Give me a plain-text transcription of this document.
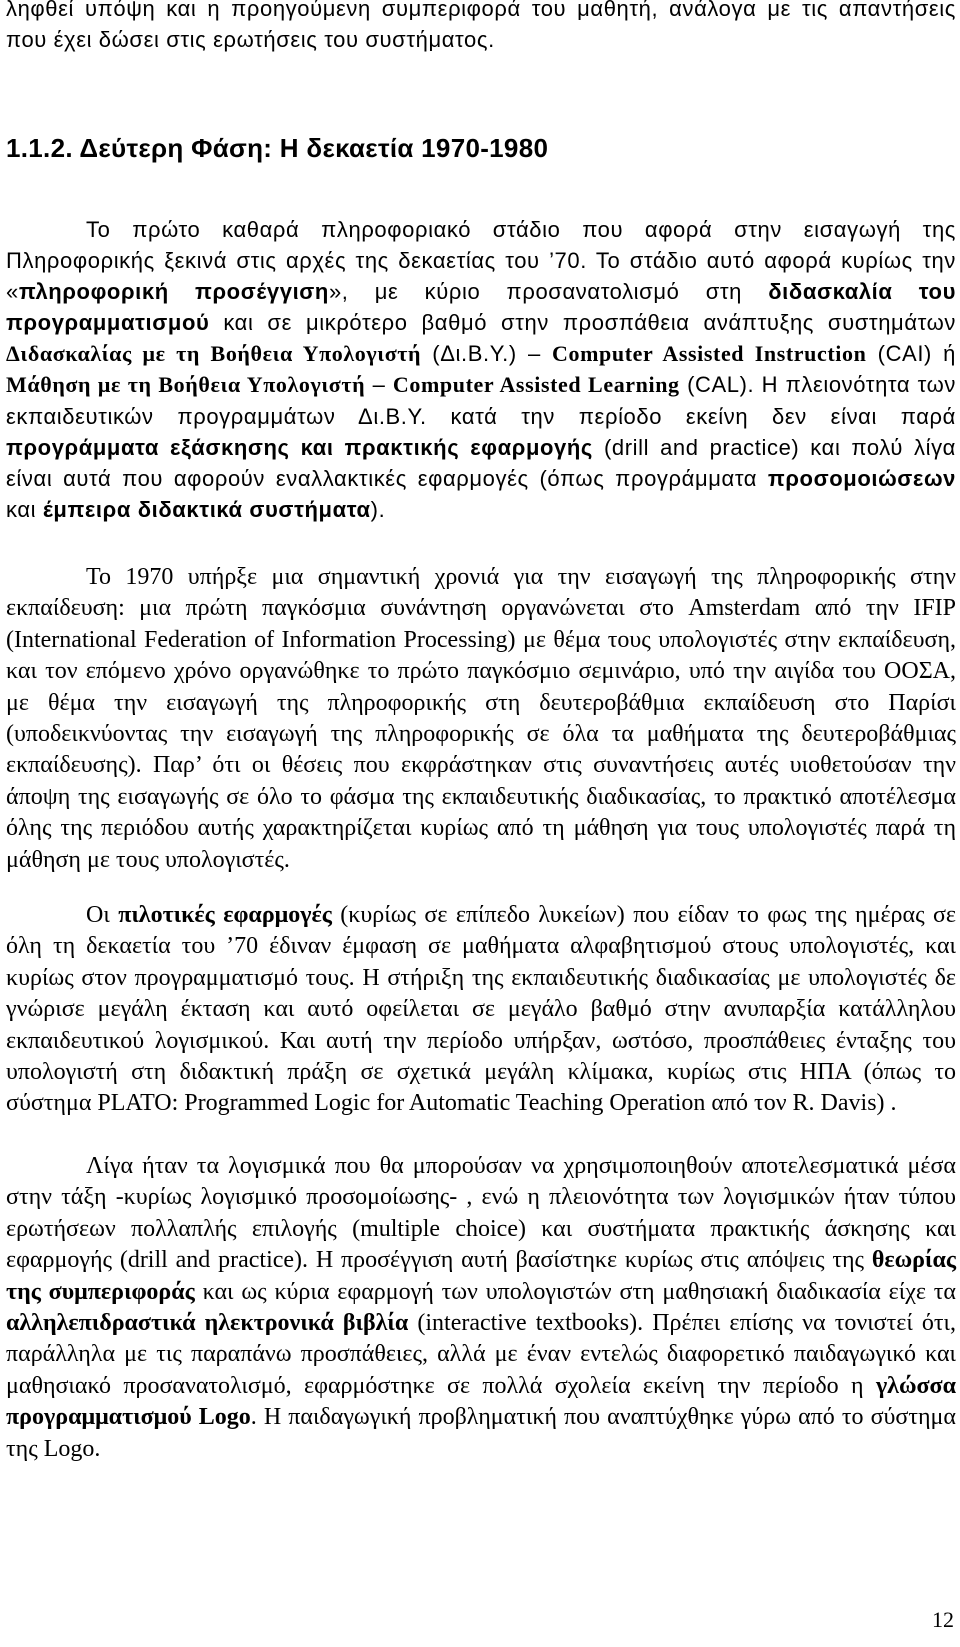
ληφθεί υπόψη και η προηγούμενη συμπεριφορά του μαθητή, ανάλογα με τις απαντήσεις που έχει δώσει στις ερωτήσεις του συστήματος.

1.1.2. Δεύτερη Φάση: Η δεκαετία 1970-1980

Το πρώτο καθαρά πληροφοριακό στάδιο που αφορά στην εισαγωγή της Πληροφορικής ξεκινά στις αρχές της δεκαετίας του ’70. Το στάδιο αυτό αφορά κυρίως την «πληροφορική προσέγγιση», με κύριο προσανατολισμό στη διδασκαλία του προγραμματισμού και σε μικρότερο βαθμό στην προσπάθεια ανάπτυξης συστημάτων Διδασκαλίας με τη Βοήθεια Υπολογιστή (Δι.Β.Υ.) – Computer Assisted Instruction (CAI) ή Μάθηση με τη Βοήθεια Υπολογιστή – Computer Assisted Learning (CAL). Η πλειονότητα των εκπαιδευτικών προγραμμάτων Δι.Β.Υ. κατά την περίοδο εκείνη δεν είναι παρά προγράμματα εξάσκησης και πρακτικής εφαρμογής (drill and practice) και πολύ λίγα είναι αυτά που αφορούν εναλλακτικές εφαρμογές (όπως προγράμματα προσομοιώσεων και έμπειρα διδακτικά συστήματα).

Το 1970 υπήρξε μια σημαντική χρονιά για την εισαγωγή της πληροφορικής στην εκπαίδευση: μια πρώτη παγκόσμια συνάντηση οργανώνεται στο Amsterdam από την IFIP (International Federation of Information Processing) με θέμα τους υπολογιστές στην εκπαίδευση, και τον επόμενο χρόνο οργανώθηκε το πρώτο παγκόσμιο σεμινάριο, υπό την αιγίδα του ΟΟΣΑ, με θέμα την εισαγωγή της πληροφορικής στη δευτεροβάθμια εκπαίδευση στο Παρίσι (υποδεικνύοντας την εισαγωγή της πληροφορικής σε όλα τα μαθήματα της δευτεροβάθμιας εκπαίδευσης). Παρ’ ότι οι θέσεις που εκφράστηκαν στις συναντήσεις αυτές υιοθετούσαν την άποψη της εισαγωγής σε όλο το φάσμα της εκπαιδευτικής διαδικασίας, το πρακτικό αποτέλεσμα όλης της περιόδου αυτής χαρακτηρίζεται κυρίως από τη μάθηση για τους υπολογιστές παρά τη μάθηση με τους υπολογιστές.

Οι πιλοτικές εφαρμογές (κυρίως σε επίπεδο λυκείων) που είδαν το φως της ημέρας σε όλη τη δεκαετία του ’70 έδιναν έμφαση σε μαθήματα αλφαβητισμού στους υπολογιστές, και κυρίως στον προγραμματισμό τους. Η στήριξη της εκπαιδευτικής διαδικασίας με υπολογιστές δε γνώρισε μεγάλη έκταση και αυτό οφείλεται σε μεγάλο βαθμό στην ανυπαρξία κατάλληλου εκπαιδευτικού λογισμικού. Και αυτή την περίοδο υπήρξαν, ωστόσο, προσπάθειες ένταξης του υπολογιστή στη διδακτική πράξη σε σχετικά μεγάλη κλίμακα, κυρίως στις ΗΠΑ (όπως το σύστημα PLATO: Programmed Logic for Automatic Teaching Operation από τον R. Davis) .

Λίγα ήταν τα λογισμικά που θα μπορούσαν να χρησιμοποιηθούν αποτελεσματικά μέσα στην τάξη -κυρίως λογισμικό προσομοίωσης- , ενώ η πλειονότητα των λογισμικών ήταν τύπου ερωτήσεων πολλαπλής επιλογής (multiple choice) και συστήματα πρακτικής άσκησης και εφαρμογής (drill and practice). Η προσέγγιση αυτή βασίστηκε κυρίως στις απόψεις της θεωρίας της συμπεριφοράς και ως κύρια εφαρμογή των υπολογιστών στη μαθησιακή διαδικασία είχε τα αλληλεπιδραστικά ηλεκτρονικά βιβλία (interactive textbooks). Πρέπει επίσης να τονιστεί ότι, παράλληλα με τις παραπάνω προσπάθειες, αλλά με έναν εντελώς διαφορετικό παιδαγωγικό και μαθησιακό προσανατολισμό, εφαρμόστηκε σε πολλά σχολεία εκείνη την περίοδο η γλώσσα προγραμματισμού Logo. Η παιδαγωγική προβληματική που αναπτύχθηκε γύρω από το σύστημα της Logo.

12
